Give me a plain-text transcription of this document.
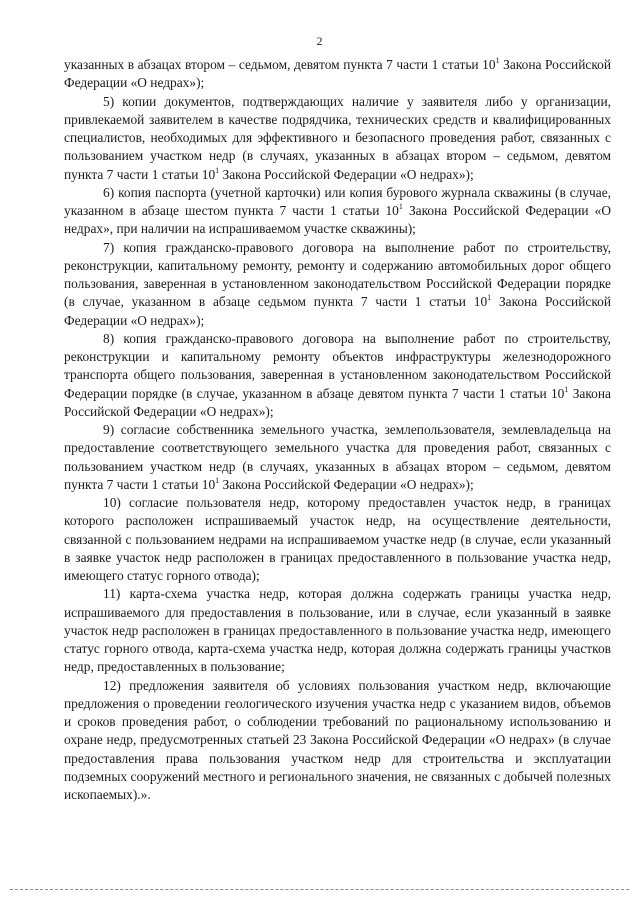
2

указанных в абзацах втором – седьмом, девятом пункта 7 части 1 статьи $10^1$ Закона Российской Федерации «О недрах»);

5) копии документов, подтверждающих наличие у заявителя либо у организации, привлекаемой заявителем в качестве подрядчика, технических средств и квалифицированных специалистов, необходимых для эффективного и безопасного проведения работ, связанных с пользованием участком недр (в случаях, указанных в абзацах втором – седьмом, девятом пункта 7 части 1 статьи $10^1$ Закона Российской Федерации «О недрах»);

6) копия паспорта (учетной карточки) или копия бурового журнала скважины (в случае, указанном в абзаце шестом пункта 7 части 1 статьи $10^1$ Закона Российской Федерации «О недрах», при наличии на испрашиваемом участке скважины);

7) копия гражданско-правового договора на выполнение работ по строительству, реконструкции, капитальному ремонту, ремонту и содержанию автомобильных дорог общего пользования, заверенная в установленном законодательством Российской Федерации порядке (в случае, указанном в абзаце седьмом пункта 7 части 1 статьи $10^1$ Закона Российской Федерации «О недрах»);

8) копия гражданско-правового договора на выполнение работ по строительству, реконструкции и капитальному ремонту объектов инфраструктуры железнодорожного транспорта общего пользования, заверенная в установленном законодательством Российской Федерации порядке (в случае, указанном в абзаце девятом пункта 7 части 1 статьи $10^1$ Закона Российской Федерации «О недрах»);

9) согласие собственника земельного участка, землепользователя, землевладельца на предоставление соответствующего земельного участка для проведения работ, связанных с пользованием участком недр (в случаях, указанных в абзацах втором – седьмом, девятом пункта 7 части 1 статьи $10^1$ Закона Российской Федерации «О недрах»);

10) согласие пользователя недр, которому предоставлен участок недр, в границах которого расположен испрашиваемый участок недр, на осуществление деятельности, связанной с пользованием недрами на испрашиваемом участке недр (в случае, если указанный в заявке участок недр расположен в границах предоставленного в пользование участка недр, имеющего статус горного отвода);

11) карта-схема участка недр, которая должна содержать границы участка недр, испрашиваемого для предоставления в пользование, или в случае, если указанный в заявке участок недр расположен в границах предоставленного в пользование участка недр, имеющего статус горного отвода, карта-схема участка недр, которая должна содержать границы участков недр, предоставленных в пользование;

12) предложения заявителя об условиях пользования участком недр, включающие предложения о проведении геологического изучения участка недр с указанием видов, объемов и сроков проведения работ, о соблюдении требований по рациональному использованию и охране недр, предусмотренных статьей 23 Закона Российской Федерации «О недрах» (в случае предоставления права пользования участком недр для строительства и эксплуатации подземных сооружений местного и регионального значения, не связанных с добычей полезных ископаемых).».
